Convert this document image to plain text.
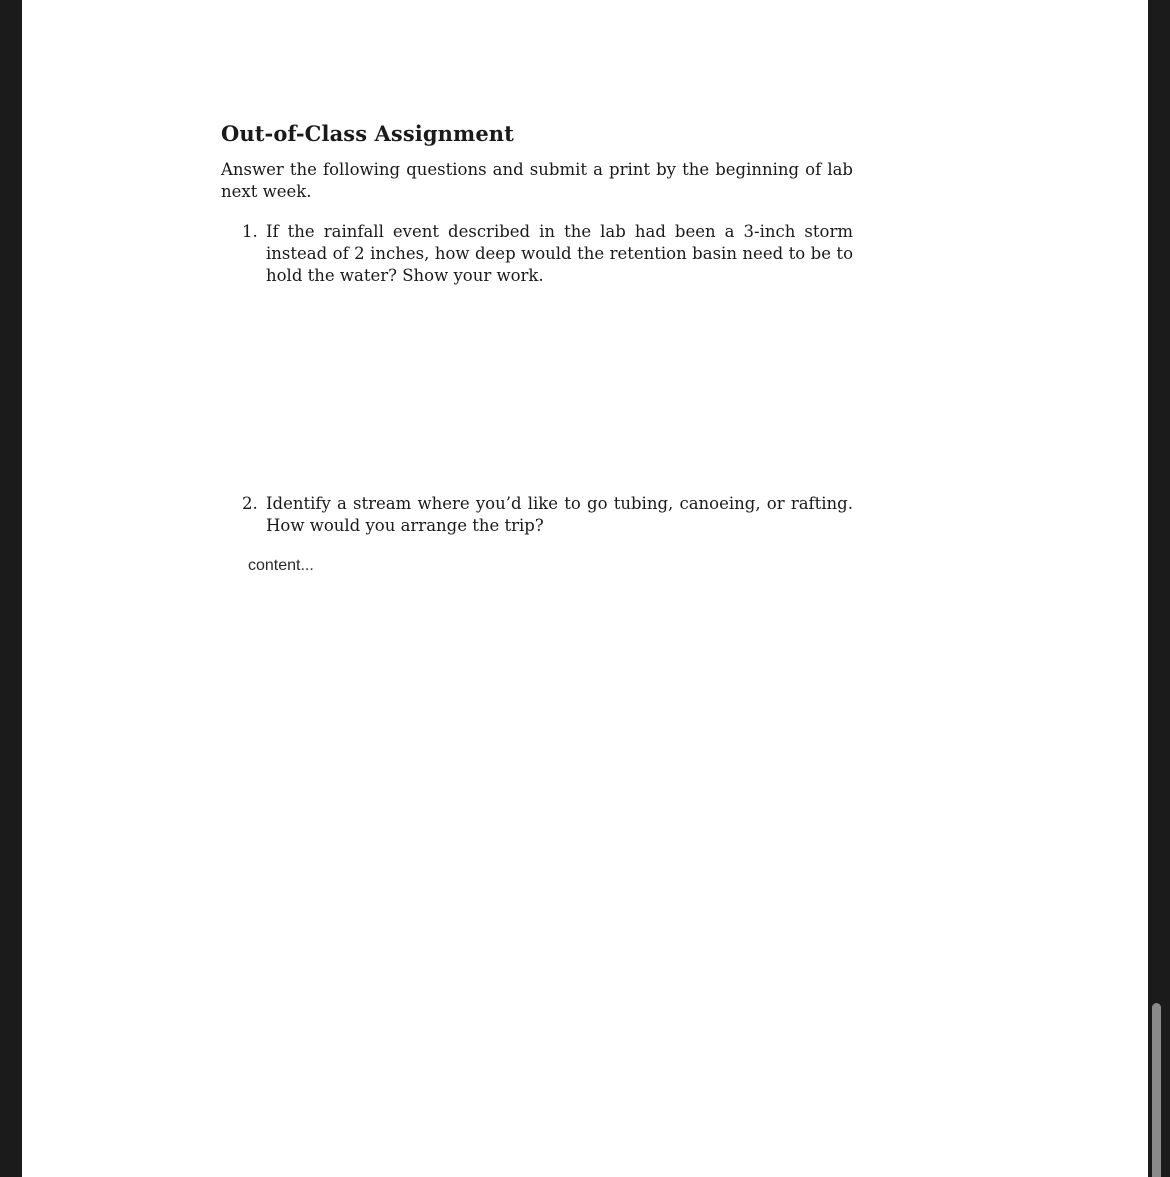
Out-of-Class Assignment

Answer the following questions and submit a print by the beginning of lab next week.

1. If the rainfall event described in the lab had been a 3-inch storm instead of 2 inches, how deep would the retention basin need to be to hold the water? Show your work.
2. Identify a stream where you’d like to go tubing, canoeing, or rafting. How would you arrange the trip?
content...
